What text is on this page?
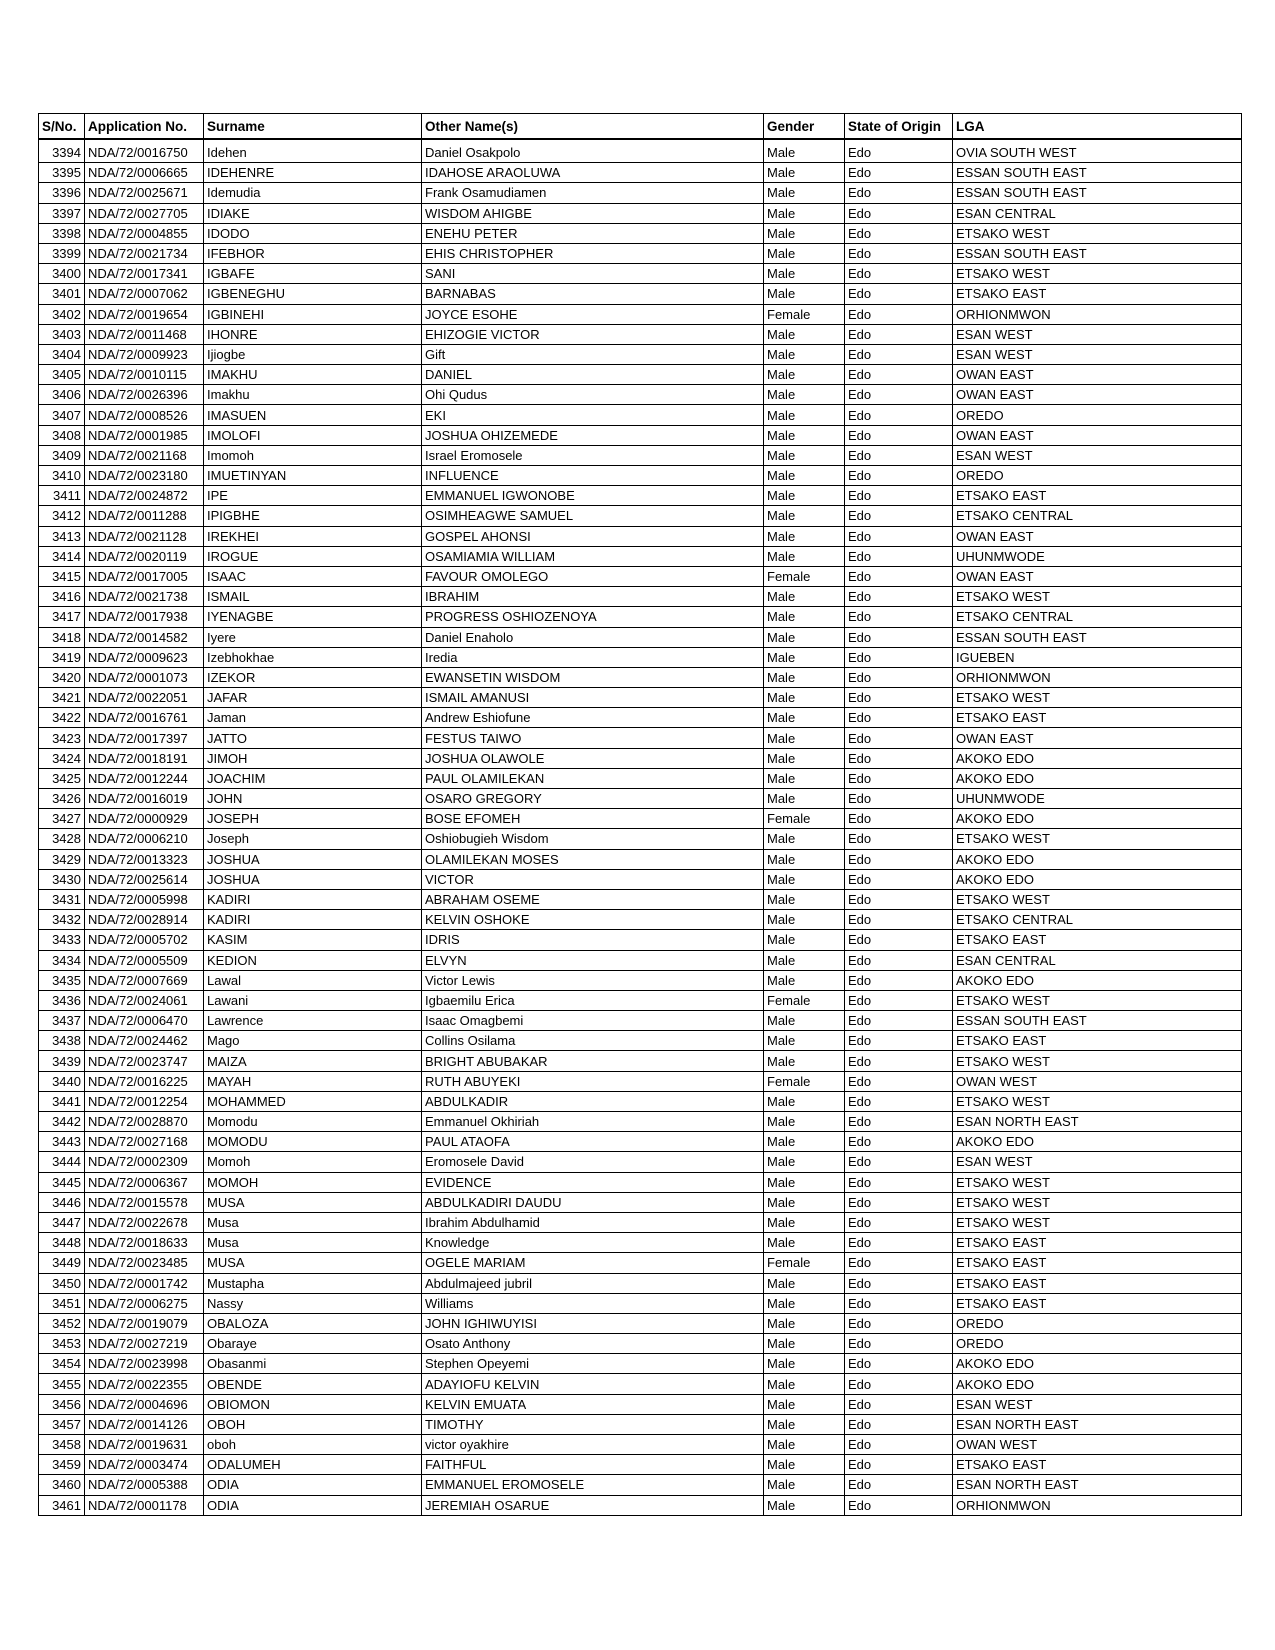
S/No.	Application No.	Surname	Other Name(s)	Gender	State of Origin	LGA
3394	NDA/72/0016750	Idehen	Daniel Osakpolo	Male	Edo	OVIA SOUTH WEST
3395	NDA/72/0006665	IDEHENRE	IDAHOSE ARAOLUWA	Male	Edo	ESSAN SOUTH EAST
3396	NDA/72/0025671	Idemudia	Frank Osamudiamen	Male	Edo	ESSAN SOUTH EAST
3397	NDA/72/0027705	IDIAKE	WISDOM AHIGBE	Male	Edo	ESAN CENTRAL
3398	NDA/72/0004855	IDODO	ENEHU PETER	Male	Edo	ETSAKO WEST
3399	NDA/72/0021734	IFEBHOR	EHIS CHRISTOPHER	Male	Edo	ESSAN SOUTH EAST
3400	NDA/72/0017341	IGBAFE	SANI	Male	Edo	ETSAKO WEST
3401	NDA/72/0007062	IGBENEGHU	BARNABAS	Male	Edo	ETSAKO EAST
3402	NDA/72/0019654	IGBINEHI	JOYCE ESOHE	Female	Edo	ORHIONMWON
3403	NDA/72/0011468	IHONRE	EHIZOGIE VICTOR	Male	Edo	ESAN WEST
3404	NDA/72/0009923	Ijiogbe	Gift	Male	Edo	ESAN WEST
3405	NDA/72/0010115	IMAKHU	DANIEL	Male	Edo	OWAN EAST
3406	NDA/72/0026396	Imakhu	Ohi Qudus	Male	Edo	OWAN EAST
3407	NDA/72/0008526	IMASUEN	EKI	Male	Edo	OREDO
3408	NDA/72/0001985	IMOLOFI	JOSHUA OHIZEMEDE	Male	Edo	OWAN EAST
3409	NDA/72/0021168	Imomoh	Israel Eromosele	Male	Edo	ESAN WEST
3410	NDA/72/0023180	IMUETINYAN	INFLUENCE	Male	Edo	OREDO
3411	NDA/72/0024872	IPE	EMMANUEL IGWONOBE	Male	Edo	ETSAKO EAST
3412	NDA/72/0011288	IPIGBHE	OSIMHEAGWE SAMUEL	Male	Edo	ETSAKO CENTRAL
3413	NDA/72/0021128	IREKHEI	GOSPEL AHONSI	Male	Edo	OWAN EAST
3414	NDA/72/0020119	IROGUE	OSAMIAMIA WILLIAM	Male	Edo	UHUNMWODE
3415	NDA/72/0017005	ISAAC	FAVOUR OMOLEGO	Female	Edo	OWAN EAST
3416	NDA/72/0021738	ISMAIL	IBRAHIM	Male	Edo	ETSAKO WEST
3417	NDA/72/0017938	IYENAGBE	PROGRESS OSHIOZENOYA	Male	Edo	ETSAKO CENTRAL
3418	NDA/72/0014582	Iyere	Daniel Enaholo	Male	Edo	ESSAN SOUTH EAST
3419	NDA/72/0009623	Izebhokhae	Iredia	Male	Edo	IGUEBEN
3420	NDA/72/0001073	IZEKOR	EWANSETIN WISDOM	Male	Edo	ORHIONMWON
3421	NDA/72/0022051	JAFAR	ISMAIL AMANUSI	Male	Edo	ETSAKO WEST
3422	NDA/72/0016761	Jaman	Andrew Eshiofune	Male	Edo	ETSAKO EAST
3423	NDA/72/0017397	JATTO	FESTUS TAIWO	Male	Edo	OWAN EAST
3424	NDA/72/0018191	JIMOH	JOSHUA OLAWOLE	Male	Edo	AKOKO EDO
3425	NDA/72/0012244	JOACHIM	PAUL OLAMILEKAN	Male	Edo	AKOKO EDO
3426	NDA/72/0016019	JOHN	OSARO GREGORY	Male	Edo	UHUNMWODE
3427	NDA/72/0000929	JOSEPH	BOSE EFOMEH	Female	Edo	AKOKO EDO
3428	NDA/72/0006210	Joseph	Oshiobugieh Wisdom	Male	Edo	ETSAKO WEST
3429	NDA/72/0013323	JOSHUA	OLAMILEKAN MOSES	Male	Edo	AKOKO EDO
3430	NDA/72/0025614	JOSHUA	VICTOR	Male	Edo	AKOKO EDO
3431	NDA/72/0005998	KADIRI	ABRAHAM OSEME	Male	Edo	ETSAKO WEST
3432	NDA/72/0028914	KADIRI	KELVIN OSHOKE	Male	Edo	ETSAKO CENTRAL
3433	NDA/72/0005702	KASIM	IDRIS	Male	Edo	ETSAKO EAST
3434	NDA/72/0005509	KEDION	ELVYN	Male	Edo	ESAN CENTRAL
3435	NDA/72/0007669	Lawal	Victor Lewis	Male	Edo	AKOKO EDO
3436	NDA/72/0024061	Lawani	Igbaemilu Erica	Female	Edo	ETSAKO WEST
3437	NDA/72/0006470	Lawrence	Isaac Omagbemi	Male	Edo	ESSAN SOUTH EAST
3438	NDA/72/0024462	Mago	Collins Osilama	Male	Edo	ETSAKO EAST
3439	NDA/72/0023747	MAIZA	BRIGHT ABUBAKAR	Male	Edo	ETSAKO WEST
3440	NDA/72/0016225	MAYAH	RUTH ABUYEKI	Female	Edo	OWAN WEST
3441	NDA/72/0012254	MOHAMMED	ABDULKADIR	Male	Edo	ETSAKO WEST
3442	NDA/72/0028870	Momodu	Emmanuel Okhiriah	Male	Edo	ESAN NORTH EAST
3443	NDA/72/0027168	MOMODU	PAUL ATAOFA	Male	Edo	AKOKO EDO
3444	NDA/72/0002309	Momoh	Eromosele David	Male	Edo	ESAN WEST
3445	NDA/72/0006367	MOMOH	EVIDENCE	Male	Edo	ETSAKO WEST
3446	NDA/72/0015578	MUSA	ABDULKADIRI DAUDU	Male	Edo	ETSAKO WEST
3447	NDA/72/0022678	Musa	Ibrahim Abdulhamid	Male	Edo	ETSAKO WEST
3448	NDA/72/0018633	Musa	Knowledge	Male	Edo	ETSAKO EAST
3449	NDA/72/0023485	MUSA	OGELE MARIAM	Female	Edo	ETSAKO EAST
3450	NDA/72/0001742	Mustapha	Abdulmajeed jubril	Male	Edo	ETSAKO EAST
3451	NDA/72/0006275	Nassy	Williams	Male	Edo	ETSAKO EAST
3452	NDA/72/0019079	OBALOZA	JOHN IGHIWUYISI	Male	Edo	OREDO
3453	NDA/72/0027219	Obaraye	Osato Anthony	Male	Edo	OREDO
3454	NDA/72/0023998	Obasanmi	Stephen Opeyemi	Male	Edo	AKOKO EDO
3455	NDA/72/0022355	OBENDE	ADAYIOFU KELVIN	Male	Edo	AKOKO EDO
3456	NDA/72/0004696	OBIOMON	KELVIN EMUATA	Male	Edo	ESAN WEST
3457	NDA/72/0014126	OBOH	TIMOTHY	Male	Edo	ESAN NORTH EAST
3458	NDA/72/0019631	oboh	victor oyakhire	Male	Edo	OWAN WEST
3459	NDA/72/0003474	ODALUMEH	FAITHFUL	Male	Edo	ETSAKO EAST
3460	NDA/72/0005388	ODIA	EMMANUEL EROMOSELE	Male	Edo	ESAN NORTH EAST
3461	NDA/72/0001178	ODIA	JEREMIAH OSARUE	Male	Edo	ORHIONMWON
